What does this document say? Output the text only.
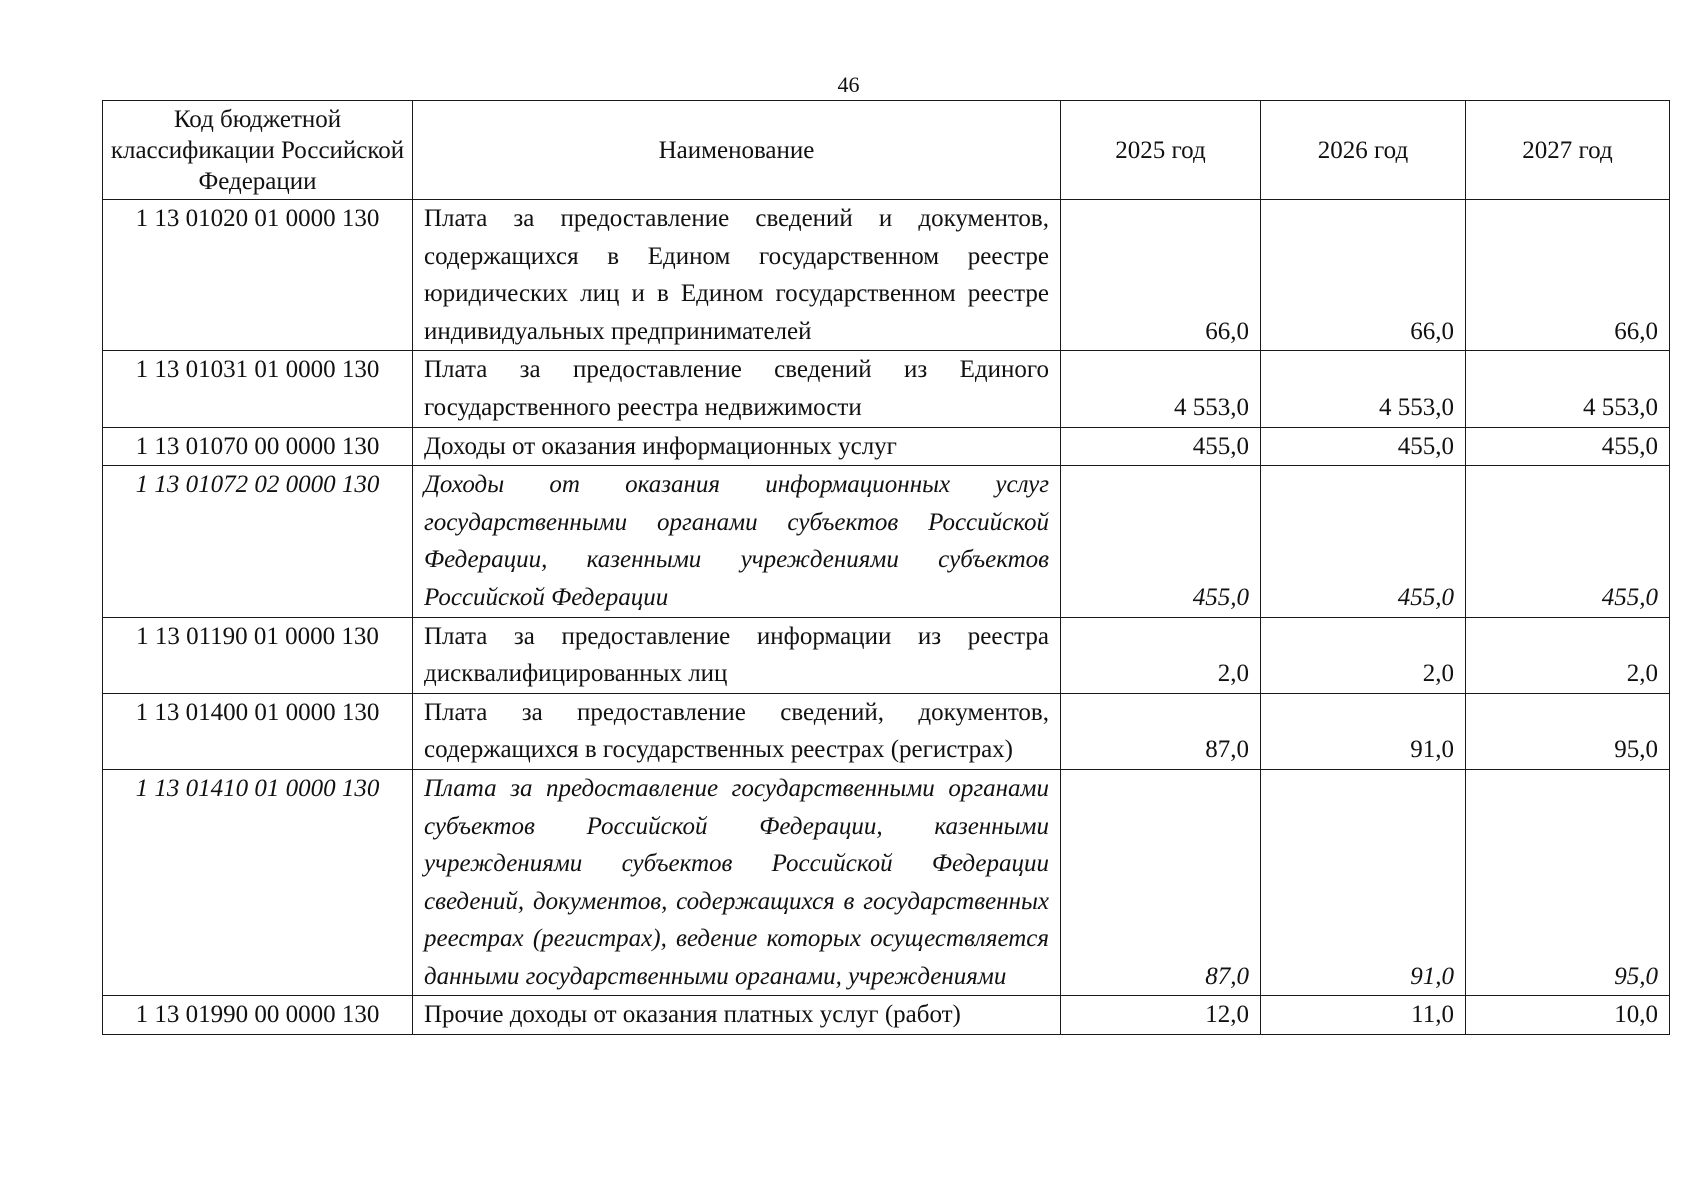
46
Код бюджетной классификации Российской Федерации	Наименование	2025 год	2026 год	2027 год
1 13 01020 01 0000 130	Плата за предоставление сведений и документов, содержащихся в Едином государственном реестре юридических лиц и в Едином государственном реестре индивидуальных предпринимателей	66,0	66,0	66,0
1 13 01031 01 0000 130	Плата за предоставление сведений из Единого государственного реестра недвижимости	4 553,0	4 553,0	4 553,0
1 13 01070 00 0000 130	Доходы от оказания информационных услуг	455,0	455,0	455,0
1 13 01072 02 0000 130	Доходы от оказания информационных услуг государственными органами субъектов Российской Федерации, казенными учреждениями субъектов Российской Федерации	455,0	455,0	455,0
1 13 01190 01 0000 130	Плата за предоставление информации из реестра дисквалифицированных лиц	2,0	2,0	2,0
1 13 01400 01 0000 130	Плата за предоставление сведений, документов, содержащихся в государственных реестрах (регистрах)	87,0	91,0	95,0
1 13 01410 01 0000 130	Плата за предоставление государственными органами субъектов Российской Федерации, казенными учреждениями субъектов Российской Федерации сведений, документов, содержащихся в государственных реестрах (регистрах), ведение которых осуществляется данными государственными органами, учреждениями	87,0	91,0	95,0
1 13 01990 00 0000 130	Прочие доходы от оказания платных услуг (работ)	12,0	11,0	10,0
